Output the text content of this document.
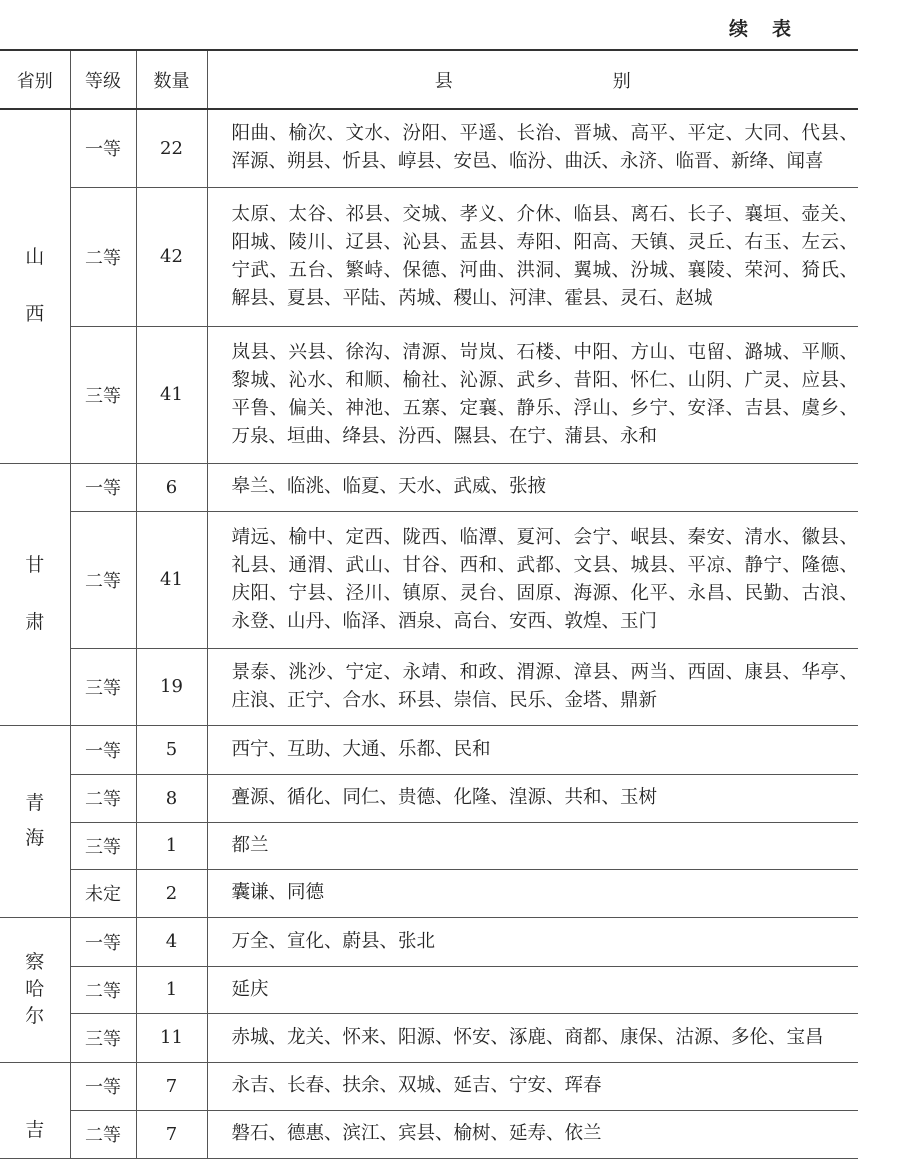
续表
省别	等级	数量	县别

山
西	一等	22	阳曲、榆次、文水、汾阳、平遥、长治、晋城、高平、平定、大同、代县、浑源、朔县、忻县、崞县、安邑、临汾、曲沃、永济、临晋、新绛、闻喜
	二等	42	太原、太谷、祁县、交城、孝义、介休、临县、离石、长子、襄垣、壶关、阳城、陵川、辽县、沁县、盂县、寿阳、阳高、天镇、灵丘、右玉、左云、宁武、五台、繁峙、保德、河曲、洪洞、翼城、汾城、襄陵、荣河、猗氏、解县、夏县、平陆、芮城、稷山、河津、霍县、灵石、赵城
	三等	41	岚县、兴县、徐沟、清源、岢岚、石楼、中阳、方山、屯留、潞城、平顺、黎城、沁水、和顺、榆社、沁源、武乡、昔阳、怀仁、山阴、广灵、应县、平鲁、偏关、神池、五寨、定襄、静乐、浮山、乡宁、安泽、吉县、虞乡、万泉、垣曲、绛县、汾西、隰县、在宁、蒲县、永和

甘
肃	一等	6	皋兰、临洮、临夏、天水、武威、张掖
	二等	41	靖远、榆中、定西、陇西、临潭、夏河、会宁、岷县、秦安、清水、徽县、礼县、通渭、武山、甘谷、西和、武都、文县、城县、平凉、静宁、隆德、庆阳、宁县、泾川、镇原、灵台、固原、海源、化平、永昌、民勤、古浪、永登、山丹、临泽、酒泉、高台、安西、敦煌、玉门
	三等	19	景泰、洮沙、宁定、永靖、和政、渭源、漳县、两当、西固、康县、华亭、庄浪、正宁、合水、环县、崇信、民乐、金塔、鼎新

青
海	一等	5	西宁、互助、大通、乐都、民和
	二等	8	亹源、循化、同仁、贵德、化隆、湟源、共和、玉树
	三等	1	都兰
	未定	2	囊谦、同德

察
哈
尔	一等	4	万全、宣化、蔚县、张北
	二等	1	延庆
	三等	11	赤城、龙关、怀来、阳源、怀安、涿鹿、商都、康保、沽源、多伦、宝昌

吉	一等	7	永吉、长春、扶余、双城、延吉、宁安、珲春
	二等	7	磐石、德惠、滨江、宾县、榆树、延寿、依兰
